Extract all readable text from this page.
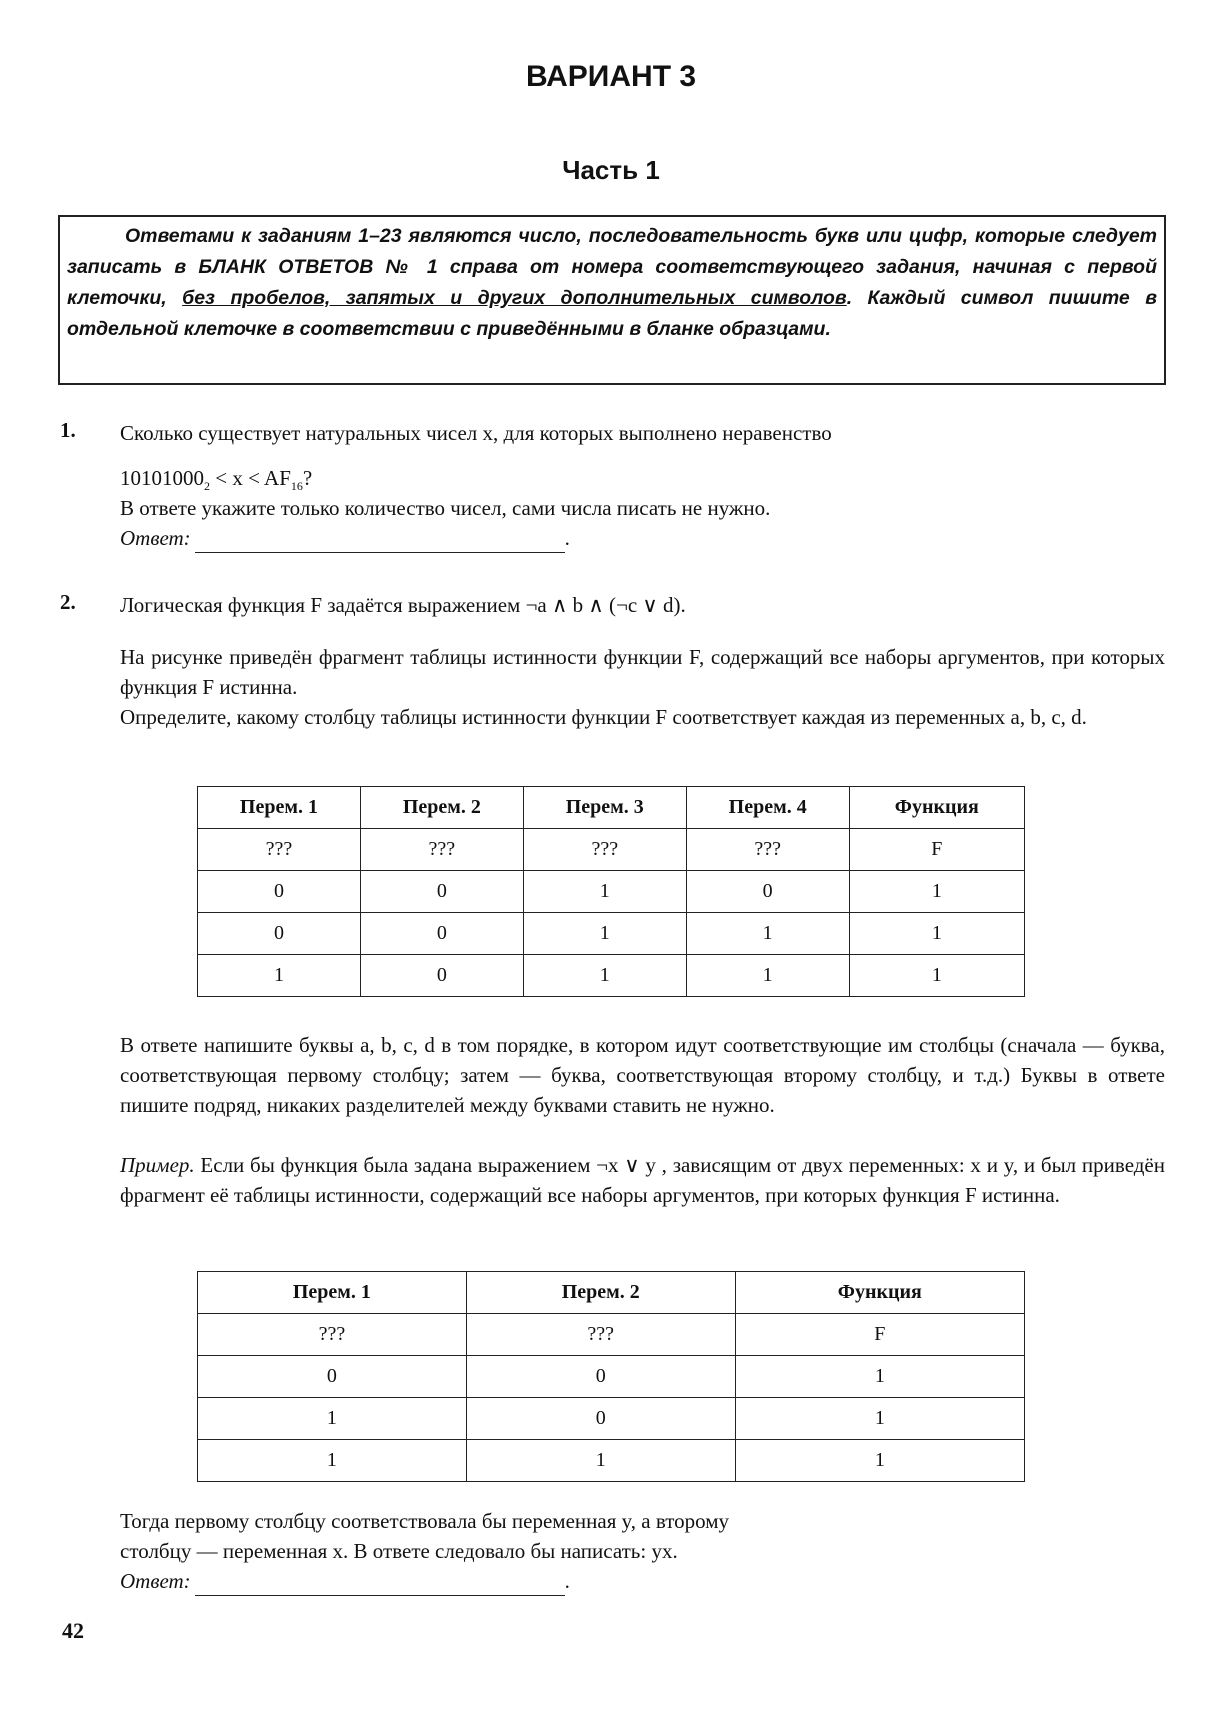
ВАРИАНТ 3
Часть 1
Ответами к заданиям 1–23 являются число, последовательность букв или цифр, которые следует записать в БЛАНК ОТВЕТОВ № 1 справа от номера соответствующего задания, начиная с первой клеточки, без пробелов, запятых и других дополнительных символов. Каждый символ пишите в отдельной клеточке в соответствии с приведёнными в бланке образцами.
1. Сколько существует натуральных чисел x, для которых выполнено неравенство
$10101000_2 < x < AF_{16}$?
В ответе укажите только количество чисел, сами числа писать не нужно.
Ответ:	.
2. Логическая функция F задаётся выражением ¬a ∧ b ∧ (¬c ∨ d).
На рисунке приведён фрагмент таблицы истинности функции F, содержащий все наборы аргументов, при которых функция F истинна.
Определите, какому столбцу таблицы истинности функции F соответствует каждая из переменных a, b, c, d.
Перем. 1	Перем. 2	Перем. 3	Перем. 4	Функция
???	???	???	???	F
0	0	1	0	1
0	0	1	1	1
1	0	1	1	1
В ответе напишите буквы a, b, c, d в том порядке, в котором идут соответствующие им столбцы (сначала — буква, соответствующая первому столбцу; затем — буква, соответствующая второму столбцу, и т.д.) Буквы в ответе пишите подряд, никаких разделителей между буквами ставить не нужно.
Пример. Если бы функция была задана выражением ¬x ∨ y , зависящим от двух переменных: x и y, и был приведён фрагмент её таблицы истинности, содержащий все наборы аргументов, при которых функция F истинна.
Перем. 1	Перем. 2	Функция
???	???	F
0	0	1
1	0	1
1	1	1
Тогда первому столбцу соответствовала бы переменная y, а второму
столбцу — переменная x. В ответе следовало бы написать: yx.
Ответ:	.
42
